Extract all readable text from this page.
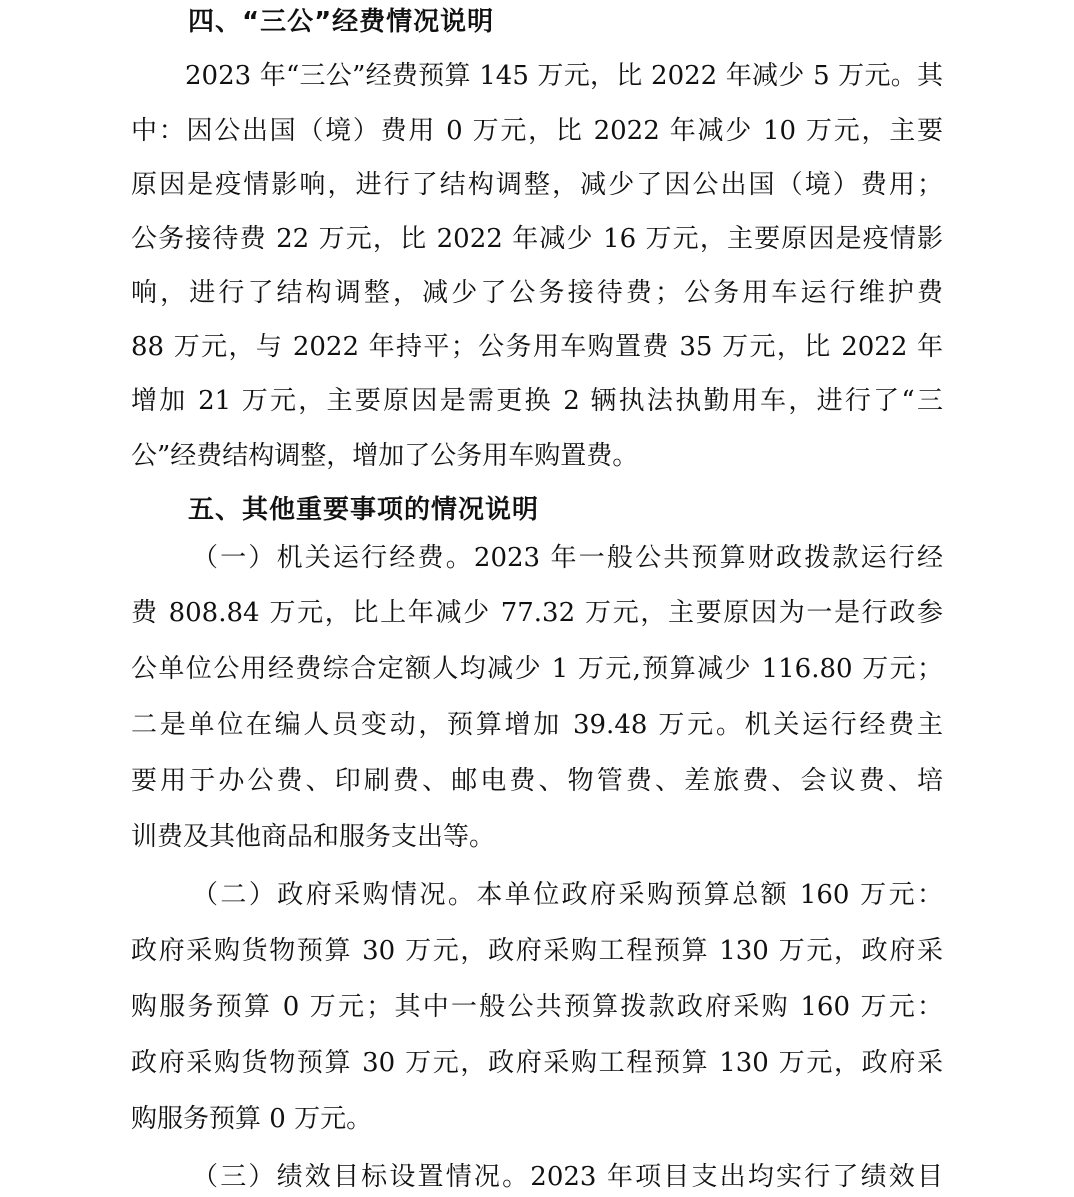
四、“三公”经费情况说明
2023 年“三公”经费预算 145 万元，比 2022 年减少 5 万元。其
中：因公出国（境）费用 0 万元，比 2022 年减少 10 万元，主要
原因是疫情影响，进行了结构调整，减少了因公出国（境）费用；
公务接待费 22 万元，比 2022 年减少 16 万元，主要原因是疫情影
响，进行了结构调整，减少了公务接待费；公务用车运行维护费
88 万元，与 2022 年持平；公务用车购置费 35 万元，比 2022 年
增加 21 万元，主要原因是需更换 2 辆执法执勤用车，进行了“三
公”经费结构调整，增加了公务用车购置费。
五、其他重要事项的情况说明
（一）机关运行经费。2023 年一般公共预算财政拨款运行经
费 808.84 万元，比上年减少 77.32 万元，主要原因为一是行政参
公单位公用经费综合定额人均减少 1 万元,预算减少 116.80 万元；
二是单位在编人员变动，预算增加 39.48 万元。机关运行经费主
要用于办公费、印刷费、邮电费、物管费、差旅费、会议费、培
训费及其他商品和服务支出等。
（二）政府采购情况。本单位政府采购预算总额 160 万元：
政府采购货物预算 30 万元，政府采购工程预算 130 万元，政府采
购服务预算 0 万元；其中一般公共预算拨款政府采购 160 万元：
政府采购货物预算 30 万元，政府采购工程预算 130 万元，政府采
购服务预算 0 万元。
（三）绩效目标设置情况。2023 年项目支出均实行了绩效目
